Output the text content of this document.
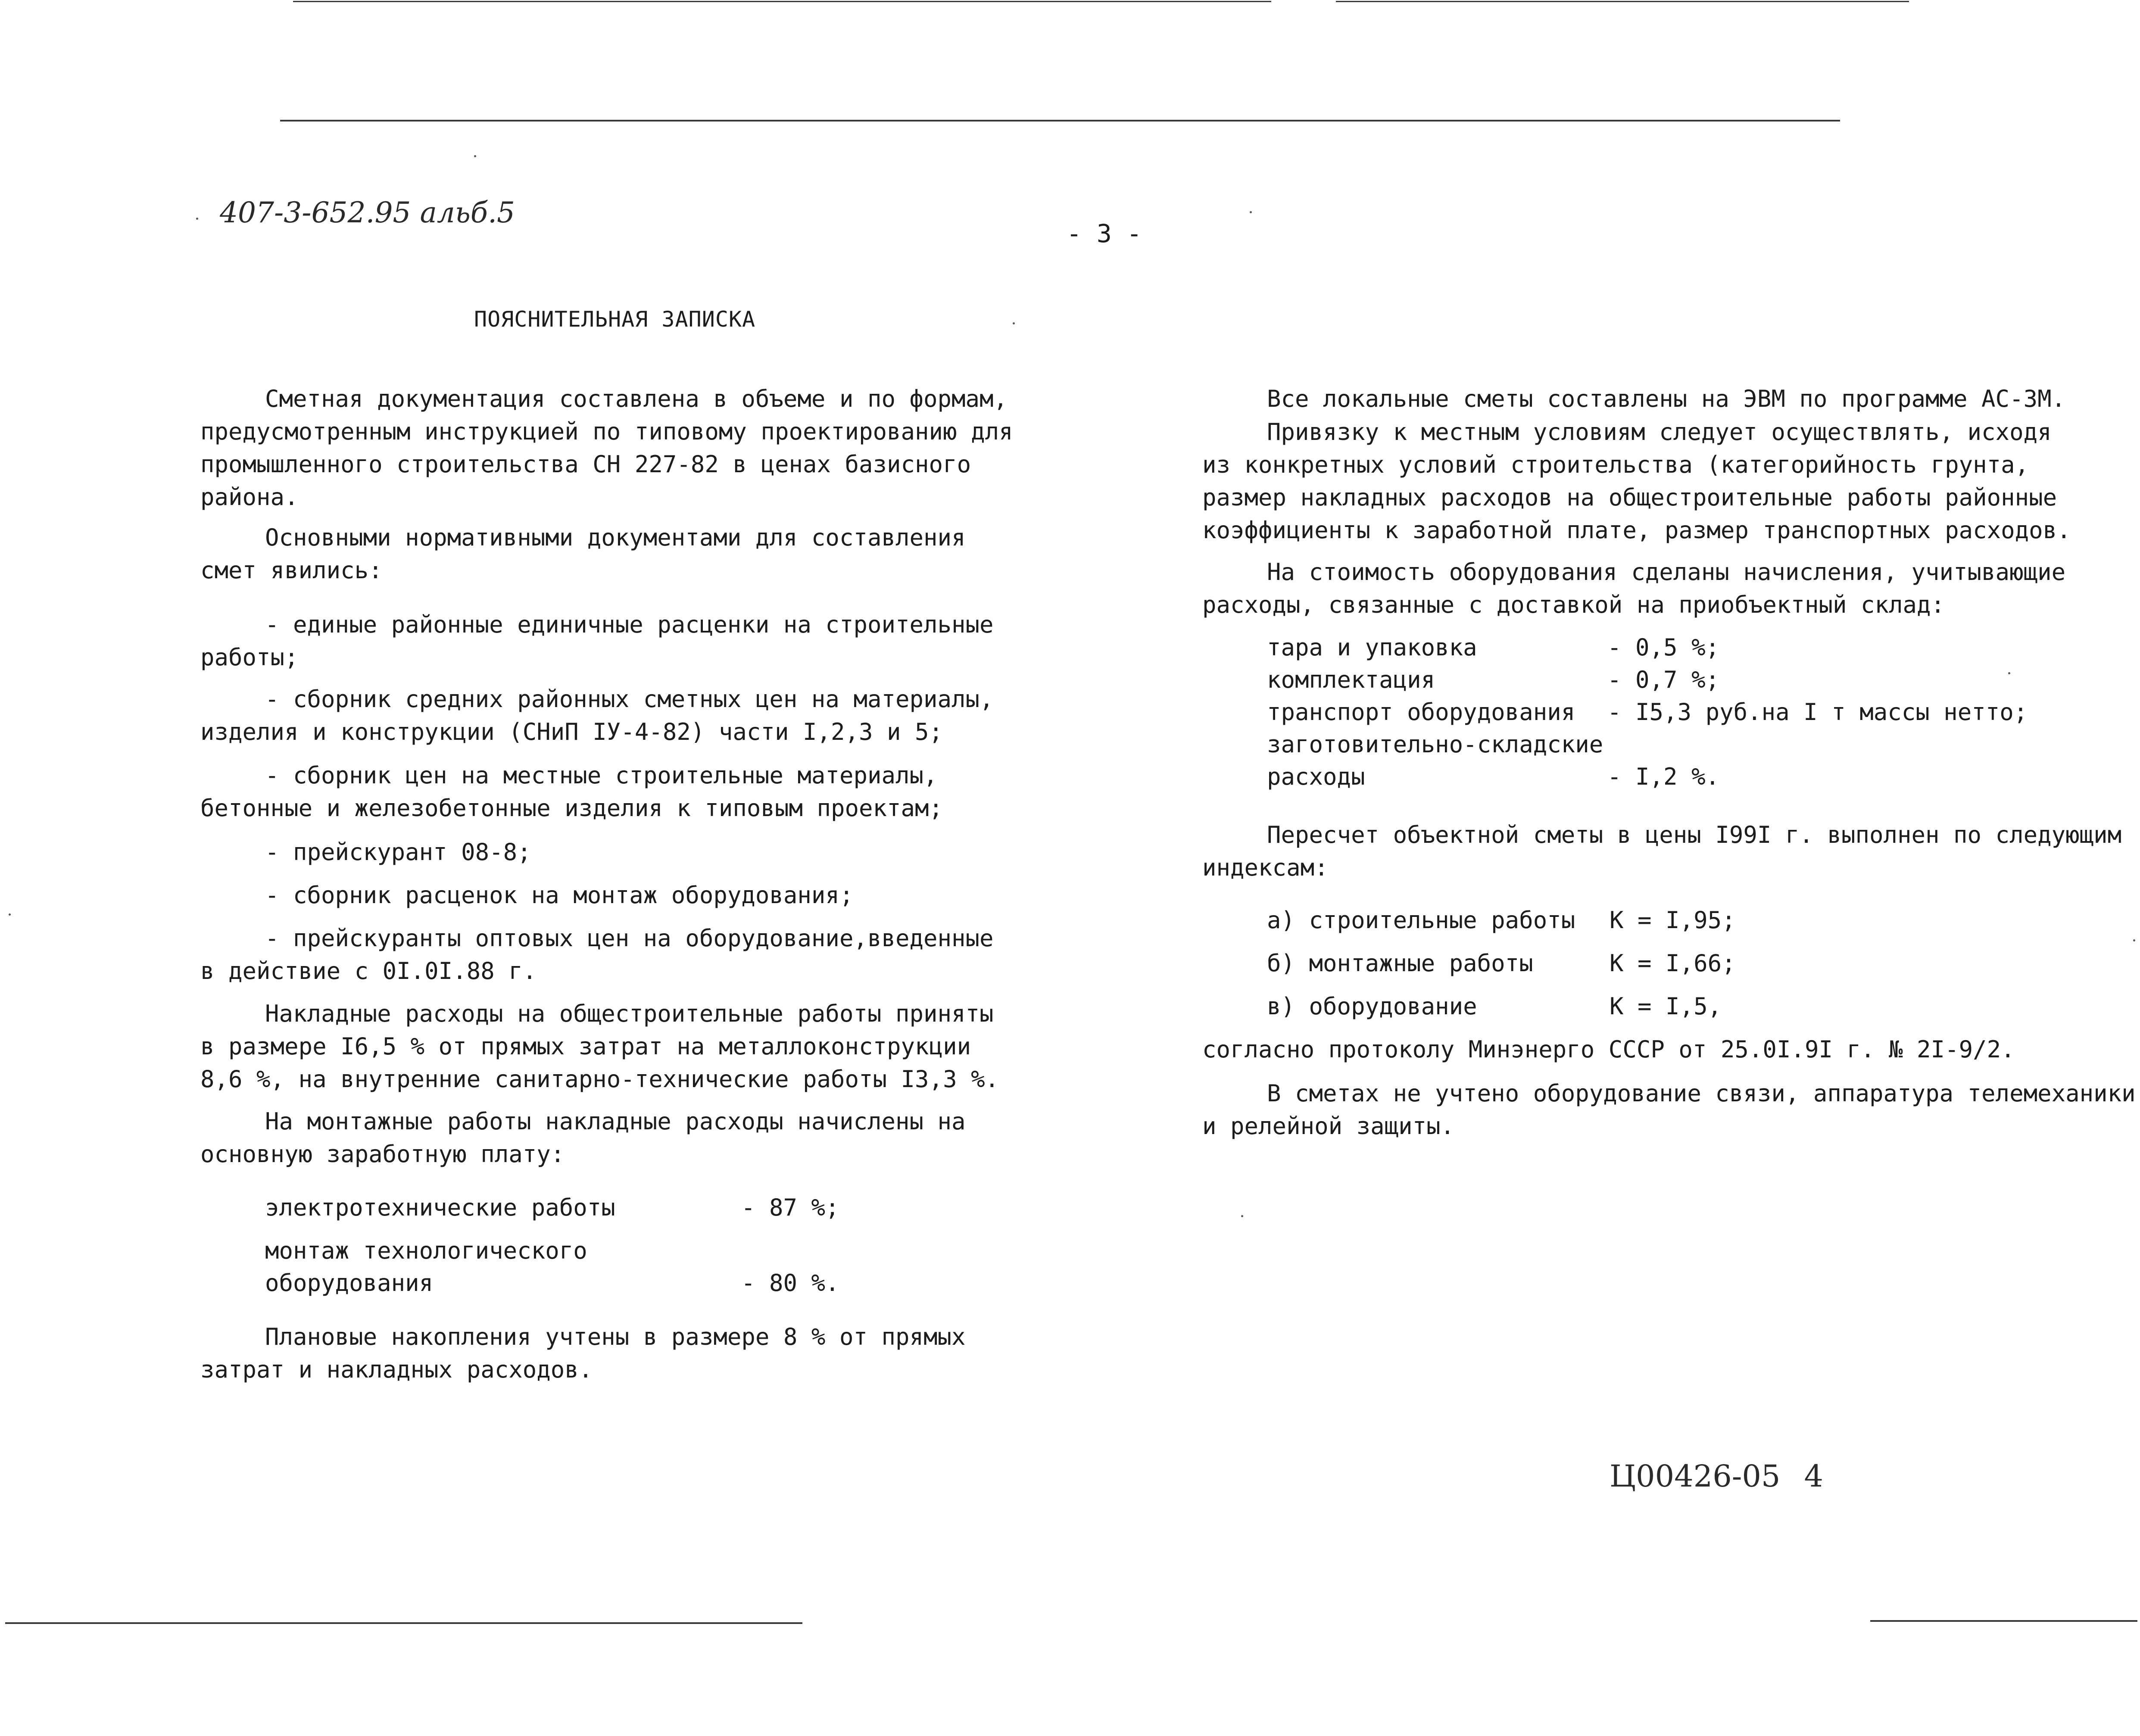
407-3-652.95 альб.5
- 3 -
ПОЯСНИТЕЛЬНАЯ ЗАПИСКА
Сметная документация составлена в объеме и по формам,
предусмотренным инструкцией по типовому проектированию для
промышленного строительства СН 227-82 в ценах базисного
района.
Основными нормативными документами для составления
смет явились:
- единые районные единичные расценки на строительные
работы;
- сборник средних районных сметных цен на материалы,
изделия и конструкции (СНиП IУ-4-82) части I,2,3 и 5;
- сборник цен на местные строительные материалы,
бетонные и железобетонные изделия к типовым проектам;
- прейскурант 08-8;
- сборник расценок на монтаж оборудования;
- прейскуранты оптовых цен на оборудование,введенные
в действие с 0I.0I.88 г.
Накладные расходы на общестроительные работы приняты
в размере I6,5 % от прямых затрат на металлоконструкции
8,6 %, на внутренние санитарно-технические работы I3,3 %.
На монтажные работы накладные расходы начислены на
основную заработную плату:
электротехнические работы	- 87 %;
монтаж технологического
оборудования	- 80 %.
Плановые накопления учтены в размере 8 % от прямых
затрат и накладных расходов.
Все локальные сметы составлены на ЭВМ по программе АС-ЗМ.
Привязку к местным условиям следует осуществлять, исходя
из конкретных условий строительства (категорийность грунта,
размер накладных расходов на общестроительные работы районные
коэффициенты к заработной плате, размер транспортных расходов.
На стоимость оборудования сделаны начисления, учитывающие
расходы, связанные с доставкой на приобъектный склад:
тара и упаковка	- 0,5 %;
комплектация	- 0,7 %;
транспорт оборудования - I5,3 руб.на I т массы нетто;
заготовительно-складские
расходы	- I,2 %.
Пересчет объектной сметы в цены I99I г. выполнен по следующим
индексам:
а) строительные работы К = I,95;
б) монтажные работы	К = I,66;
в) оборудование	К = I,5,
согласно протоколу Минэнерго СССР от 25.0I.9I г. № 2I-9/2.
В сметах не учтено оборудование связи, аппаратура телемеханики
и релейной защиты.
Ц00426-05 4
